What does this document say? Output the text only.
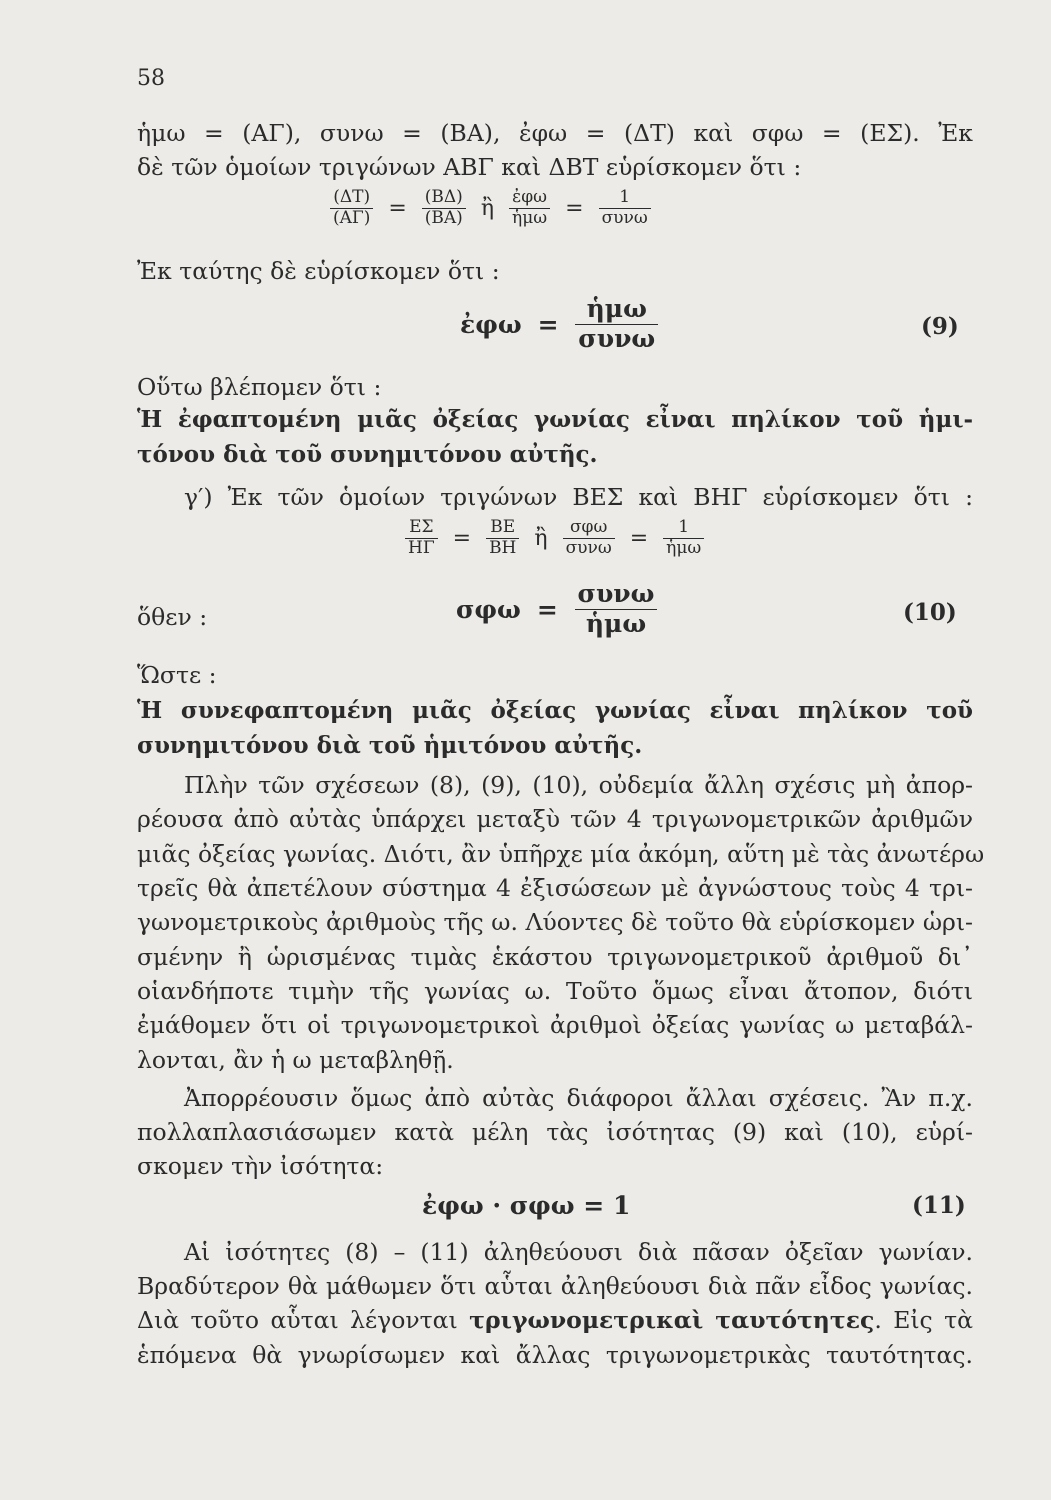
58
ἡμω = (ΑΓ), συνω = (ΒΑ), ἐφω = (ΔΤ) καὶ σφω = (ΕΣ). Ἐκ
δὲ τῶν ὁμοίων τριγώνων ΑΒΓ καὶ ΔΒΤ εὑρίσκομεν ὅτι :
$\frac{(\Delta T)}{(A\Gamma)} = \frac{(B\Delta)}{(BA)}$ ἢ $\frac{\text{ἐφω}}{\text{ἡμω}} = \frac{1}{\text{συνω}}$
Ἐκ ταύτης δὲ εὑρίσκομεν ὅτι :
ἐφω = $\frac{\text{ἡμω}}{\text{συνω}}$	(9)
Οὕτω βλέπομεν ὅτι :
Ἡ ἐφαπτομένη μιᾶς ὀξείας γωνίας εἶναι πηλίκον τοῦ ἡμι-
τόνου διὰ τοῦ συνημιτόνου αὐτῆς.
γ′) Ἐκ τῶν ὁμοίων τριγώνων ΒΕΣ καὶ ΒΗΓ εὑρίσκομεν ὅτι :
$\frac{E\Sigma}{H\Gamma} = \frac{BE}{BH}$ ἢ $\frac{\text{σφω}}{\text{συνω}} = \frac{1}{\text{ἡμω}}$
ὅθεν :	$\sigma\varphi\omega = \frac{\text{συνω}}{\text{ἡμω}}$	(10)
Ὥστε :
Ἡ συνεφαπτομένη μιᾶς ὀξείας γωνίας εἶναι πηλίκον τοῦ
συνημιτόνου διὰ τοῦ ἡμιτόνου αὐτῆς.
Πλὴν τῶν σχέσεων (8), (9), (10), οὐδεμία ἄλλη σχέσις μὴ ἀπορ-
ρέουσα ἀπὸ αὐτὰς ὑπάρχει μεταξὺ τῶν 4 τριγωνομετρικῶν ἀριθμῶν
μιᾶς ὀξείας γωνίας. Διότι, ἂν ὑπῆρχε μία ἀκόμη, αὕτη μὲ τὰς ἀνωτέρω
τρεῖς θὰ ἀπετέλουν σύστημα 4 ἐξισώσεων μὲ ἀγνώστους τοὺς 4 τρι-
γωνομετρικοὺς ἀριθμοὺς τῆς ω. Λύοντες δὲ τοῦτο θὰ εὑρίσκομεν ὡρι-
σμένην ἢ ὡρισμένας τιμὰς ἑκάστου τριγωνομετρικοῦ ἀριθμοῦ δι᾿
οἱανδήποτε τιμὴν τῆς γωνίας ω. Τοῦτο ὅμως εἶναι ἄτοπον, διότι
ἐμάθομεν ὅτι οἱ τριγωνομετρικοὶ ἀριθμοὶ ὀξείας γωνίας ω μεταβάλ-
λονται, ἂν ἡ ω μεταβληθῇ.
Ἀπορρέουσιν ὅμως ἀπὸ αὐτὰς διάφοροι ἄλλαι σχέσεις. Ἂν π.χ.
πολλαπλασιάσωμεν κατὰ μέλη τὰς ἰσότητας (9) καὶ (10), εὑρί-
σκομεν τὴν ἰσότητα:
ἐφω · σφω = 1	(11)
Αἱ ἰσότητες (8) – (11) ἀληθεύουσι διὰ πᾶσαν ὀξεῖαν γωνίαν.
Βραδύτερον θὰ μάθωμεν ὅτι αὗται ἀληθεύουσι διὰ πᾶν εἶδος γωνίας.
Διὰ τοῦτο αὗται λέγονται τριγωνομετρικαὶ ταυτότητες. Εἰς τὰ
ἑπόμενα θὰ γνωρίσωμεν καὶ ἄλλας τριγωνομετρικὰς ταυτότητας.
